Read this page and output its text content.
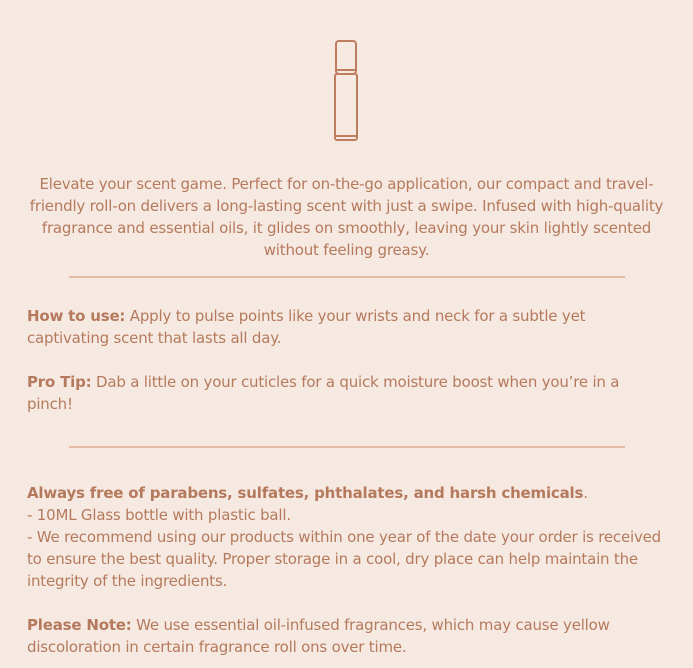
Elevate your scent game. Perfect for on-the-go application, our compact and travel-friendly roll-on delivers a long-lasting scent with just a swipe. Infused with high-quality fragrance and essential oils, it glides on smoothly, leaving your skin lightly scented without feeling greasy.

How to use: Apply to pulse points like your wrists and neck for a subtle yet captivating scent that lasts all day.

Pro Tip: Dab a little on your cuticles for a quick moisture boost when you’re in a pinch!

Always free of parabens, sulfates, phthalates, and harsh chemicals.
- 10ML Glass bottle with plastic ball.
- We recommend using our products within one year of the date your order is received to ensure the best quality. Proper storage in a cool, dry place can help maintain the integrity of the ingredients.

Please Note: We use essential oil-infused fragrances, which may cause yellow discoloration in certain fragrance roll ons over time.
